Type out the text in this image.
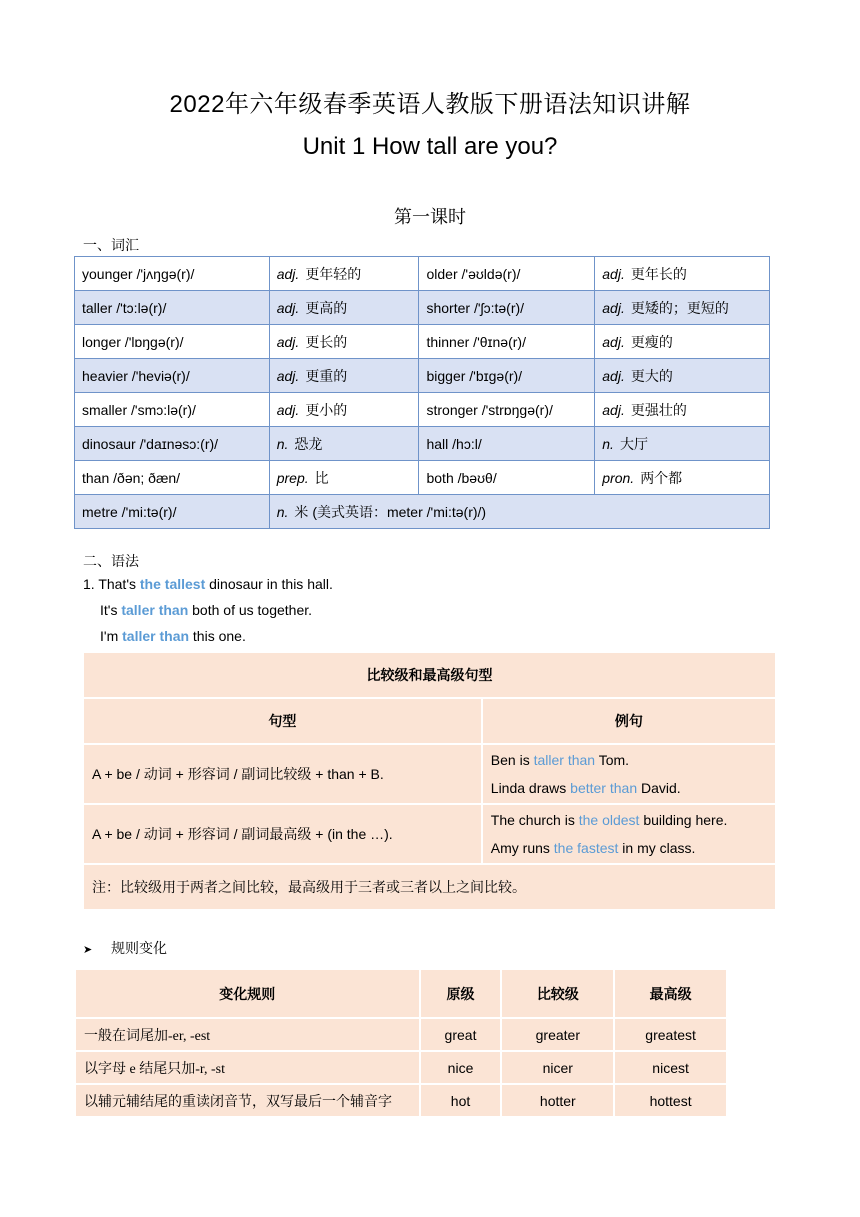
2022年六年级春季英语人教版下册语法知识讲解
Unit 1 How tall are you?
第一课时
一、词汇
younger /'jʌŋɡə(r)/	adj. 更年轻的	older /'əʊldə(r)/	adj. 更年长的
taller /'tɔ:lə(r)/	adj. 更高的	shorter /'ʃɔ:tə(r)/	adj. 更矮的；更短的
longer /'lɒŋɡə(r)/	adj. 更长的	thinner /'θɪnə(r)/	adj. 更瘦的
heavier /'heviə(r)/	adj. 更重的	bigger /'bɪɡə(r)/	adj. 更大的
smaller /'smɔ:lə(r)/	adj. 更小的	stronger /'strɒŋɡə(r)/	adj. 更强壮的
dinosaur /'daɪnəsɔ:(r)/	n. 恐龙	hall /hɔ:l/	n. 大厅
than /ðən; ðæn/	prep. 比	both /bəʊθ/	pron. 两个都
metre /'mi:tə(r)/	n. 米 (美式英语：meter /'mi:tə(r)/)		
二、语法
1. That's the tallest dinosaur in this hall.
It's taller than both of us together.
I'm taller than this one.
比较级和最高级句型	
句型	例句
A + be / 动词 + 形容词 / 副词比较级 + than + B.	Ben is taller than Tom.
Linda draws better than David.

A + be / 动词 + 形容词 / 副词最高级 + (in the …).	The church is the oldest building here.
Amy runs the fastest in my class.

注：比较级用于两者之间比较，最高级用于三者或三者以上之间比较。	
➤ 规则变化
变化规则	原级	比较级	最高级
一般在词尾加-er, -est	great	greater	greatest
以字母 e 结尾只加-r, -st	nice	nicer	nicest
以辅元辅结尾的重读闭音节，双写最后一个辅音字	hot	hotter	hottest
